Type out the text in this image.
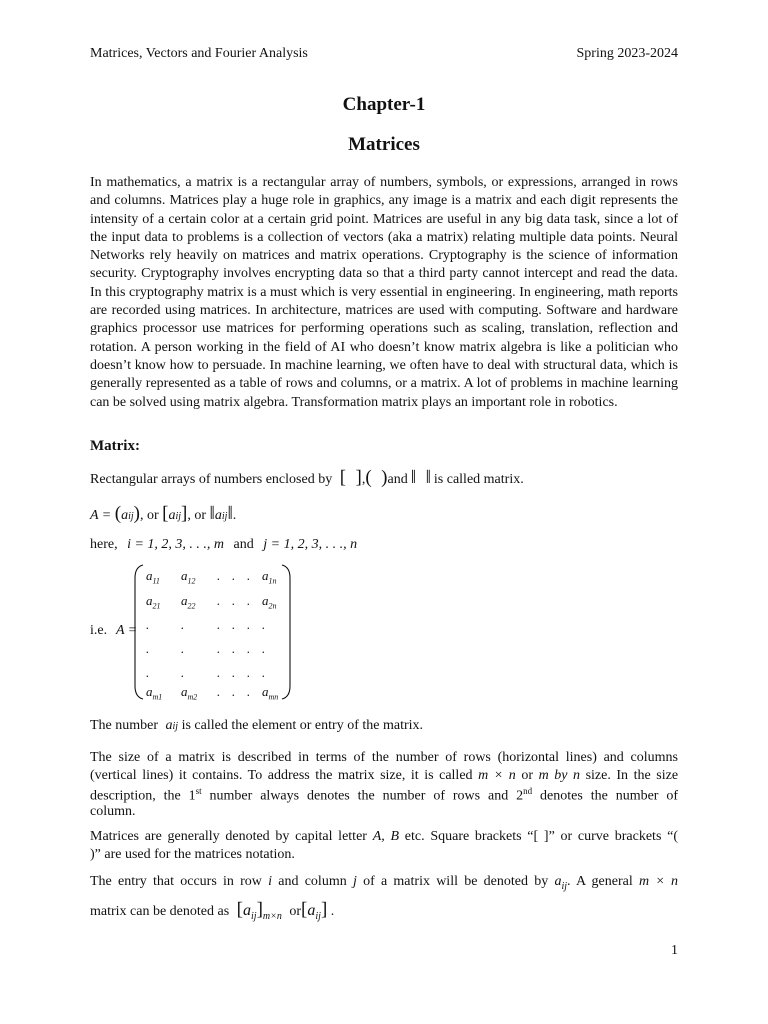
Matrices, Vectors and Fourier Analysis	Spring 2023-2024
Chapter-1
Matrices
In mathematics, a matrix is a rectangular array of numbers, symbols, or expressions, arranged in rows and columns. Matrices play a huge role in graphics, any image is a matrix and each digit represents the intensity of a certain color at a certain grid point. Matrices are useful in any big data task, since a lot of the input data to problems is a collection of vectors (aka a matrix) relating multiple data points. Neural Networks rely heavily on matrices and matrix operations. Cryptography is the science of information security. Cryptography involves encrypting data so that a third party cannot intercept and read the data. In this cryptography matrix is a must which is very essential in engineering. In engineering, math reports are recorded using matrices. In architecture, matrices are used with computing. Software and hardware graphics processor use matrices for performing operations such as scaling, translation, reflection and rotation. A person working in the field of AI who doesn’t know matrix algebra is like a politician who doesn’t know how to persuade. In machine learning, we often have to deal with structural data, which is generally represented as a table of rows and columns, or a matrix. A lot of problems in machine learning can be solved using matrix algebra. Transformation matrix plays an important role in robotics.
Matrix:
Rectangular arrays of numbers enclosed by [  ],(  )and ‖  ‖ is called matrix.
A = (aij), or [aij], or ‖aij‖.
here, i = 1, 2, 3, . . ., m and j = 1, 2, 3, . . ., n
i.e. A =
$a_{11}$ $a_{12}$ . . . $a_{1n}$
$a_{21}$ $a_{22}$ . . . $a_{2n}$
. .	. . . .
. .	. . . .
. .	. . . .
$a_{m1}$ $a_{m2}$ . . . $a_{mn}$
The number aij is called the element or entry of the matrix.
The size of a matrix is described in terms of the number of rows (horizontal lines) and columns
(vertical lines) it contains. To address the matrix size, it is called m × n or m by n size. In the size
description, the 1st number always denotes the number of rows and 2nd denotes the number of
column.
Matrices are generally denoted by capital letter A, B etc. Square brackets “[ ]” or curve brackets “(
)” are used for the matrices notation.
The entry that occurs in row i and column j of a matrix will be denoted by $a_{ij}$. A general m × n
matrix can be denoted as $[a_{ij}]_{m\times n}$ $or[a_{ij}]$ .
1
